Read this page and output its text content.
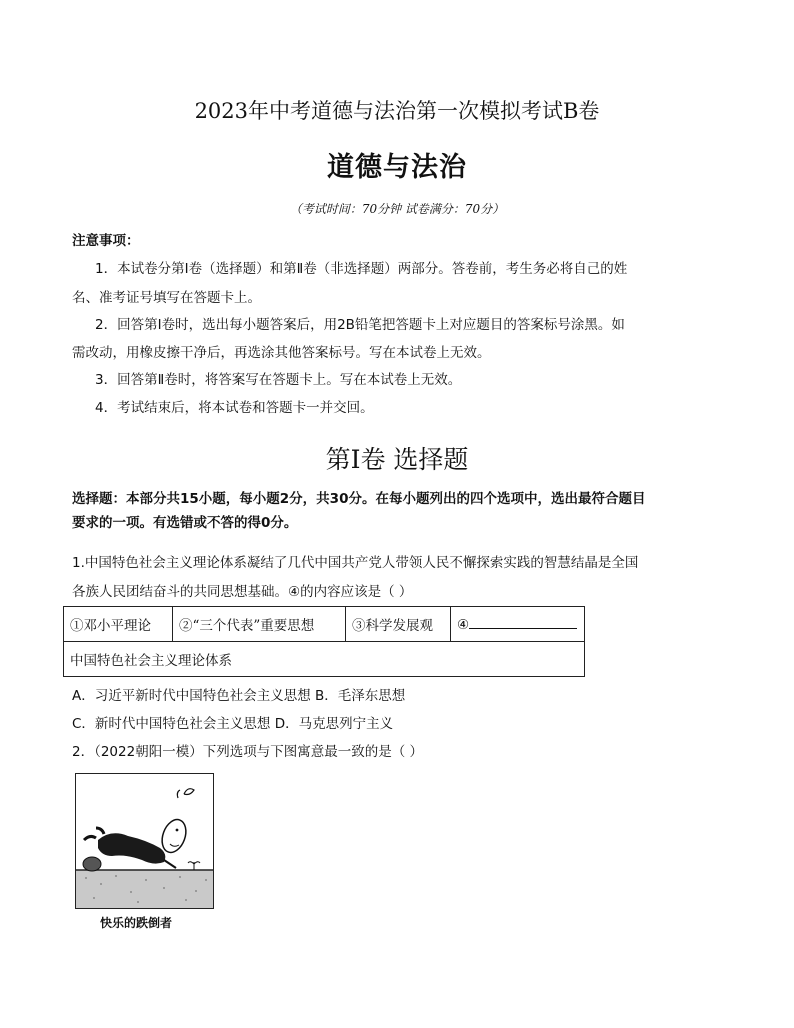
2023年中考道德与法治第一次模拟考试B卷
道德与法治
（考试时间：70分钟 试卷满分：70分）
注意事项：
1．本试卷分第Ⅰ卷（选择题）和第Ⅱ卷（非选择题）两部分。答卷前，考生务必将自己的姓
名、准考证号填写在答题卡上。
2．回答第Ⅰ卷时，选出每小题答案后，用2B铅笔把答题卡上对应题目的答案标号涂黑。如
需改动，用橡皮擦干净后，再选涂其他答案标号。写在本试卷上无效。
3．回答第Ⅱ卷时，将答案写在答题卡上。写在本试卷上无效。
4．考试结束后，将本试卷和答题卡一并交回。
第Ⅰ卷 选择题
选择题：本部分共15小题，每小题2分，共30分。在每小题列出的四个选项中，选出最符合题目
要求的一项。有选错或不答的得0分。
1.中国特色社会主义理论体系凝结了几代中国共产党人带领人民不懈探索实践的智慧结晶是全国
各族人民团结奋斗的共同思想基础。④的内容应该是（ ）
①邓小平理论	②“三个代表”重要思想	③科学发展观	④
中国特色社会主义理论体系
A．习近平新时代中国特色社会主义思想 B．毛泽东思想
C．新时代中国特色社会主义思想 D．马克思列宁主义
2．（2022朝阳一模）下列选项与下图寓意最一致的是（ ）
快乐的跌倒者
